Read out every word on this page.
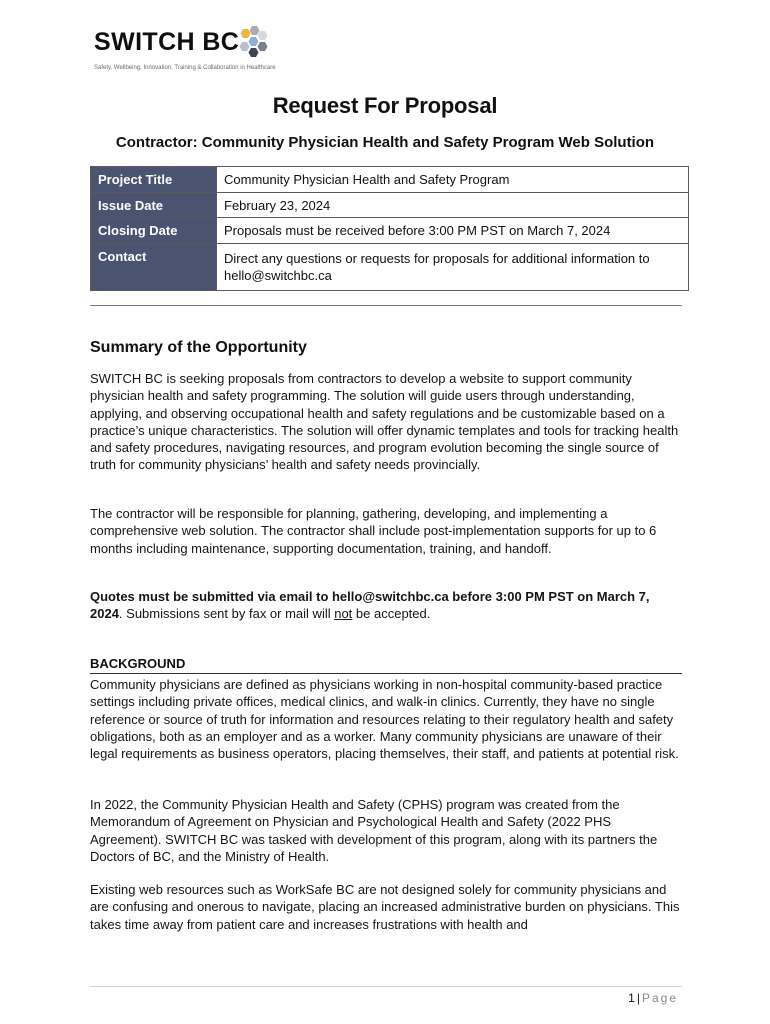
SWITCH BC
Safety, Wellbeing, Innovation, Training & Collaboration in Healthcare
Request For Proposal
Contractor: Community Physician Health and Safety Program Web Solution
Project Title	Community Physician Health and Safety Program
Issue Date	February 23, 2024
Closing Date	Proposals must be received before 3:00 PM PST on March 7, 2024
Contact	Direct any questions or requests for proposals for additional information to hello@switchbc.ca
Summary of the Opportunity
SWITCH BC is seeking proposals from contractors to develop a website to support community physician health and safety programming. The solution will guide users through understanding, applying, and observing occupational health and safety regulations and be customizable based on a practice’s unique characteristics. The solution will offer dynamic templates and tools for tracking health and safety procedures, navigating resources, and program evolution becoming the single source of truth for community physicians’ health and safety needs provincially.
The contractor will be responsible for planning, gathering, developing, and implementing a comprehensive web solution. The contractor shall include post-implementation supports for up to 6 months including maintenance, supporting documentation, training, and handoff.
Quotes must be submitted via email to hello@switchbc.ca before 3:00 PM PST on March 7, 2024. Submissions sent by fax or mail will not be accepted.
BACKGROUND
Community physicians are defined as physicians working in non-hospital community-based practice settings including private offices, medical clinics, and walk-in clinics. Currently, they have no single reference or source of truth for information and resources relating to their regulatory health and safety obligations, both as an employer and as a worker. Many community physicians are unaware of their legal requirements as business operators, placing themselves, their staff, and patients at potential risk.
In 2022, the Community Physician Health and Safety (CPHS) program was created from the Memorandum of Agreement on Physician and Psychological Health and Safety (2022 PHS Agreement). SWITCH BC was tasked with development of this program, along with its partners the Doctors of BC, and the Ministry of Health.
Existing web resources such as WorkSafe BC are not designed solely for community physicians and are confusing and onerous to navigate, placing an increased administrative burden on physicians. This takes time away from patient care and increases frustrations with health and
1 | Page
